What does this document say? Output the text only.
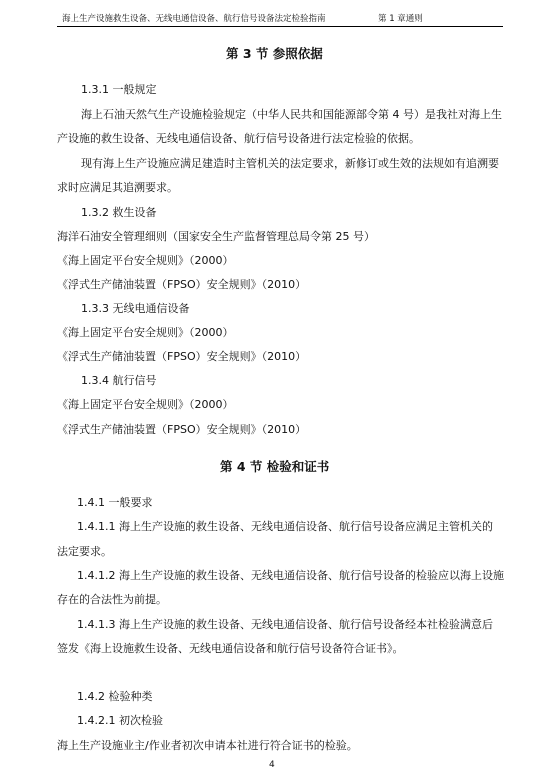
海上生产设施救生设备、无线电通信设备、航行信号设备法定检验指南	第 1 章通则
第 3 节 参照依据
1.3.1 一般规定
海上石油天然气生产设施检验规定（中华人民共和国能源部令第 4 号）是我社对海上生
产设施的救生设备、无线电通信设备、航行信号设备进行法定检验的依据。
现有海上生产设施应满足建造时主管机关的法定要求，新修订或生效的法规如有追溯要
求时应满足其追溯要求。
1.3.2 救生设备
海洋石油安全管理细则（国家安全生产监督管理总局令第 25 号）
《海上固定平台安全规则》（2000）
《浮式生产储油装置（FPSO）安全规则》（2010）
1.3.3 无线电通信设备
《海上固定平台安全规则》（2000）
《浮式生产储油装置（FPSO）安全规则》（2010）
1.3.4 航行信号
《海上固定平台安全规则》（2000）
《浮式生产储油装置（FPSO）安全规则》（2010）
第 4 节 检验和证书
1.4.1 一般要求
1.4.1.1 海上生产设施的救生设备、无线电通信设备、航行信号设备应满足主管机关的
法定要求。
1.4.1.2 海上生产设施的救生设备、无线电通信设备、航行信号设备的检验应以海上设施
存在的合法性为前提。
1.4.1.3 海上生产设施的救生设备、无线电通信设备、航行信号设备经本社检验满意后
签发《海上设施救生设备、无线电通信设备和航行信号设备符合证书》。
1.4.2 检验种类
1.4.2.1 初次检验
海上生产设施业主/作业者初次申请本社进行符合证书的检验。
4
